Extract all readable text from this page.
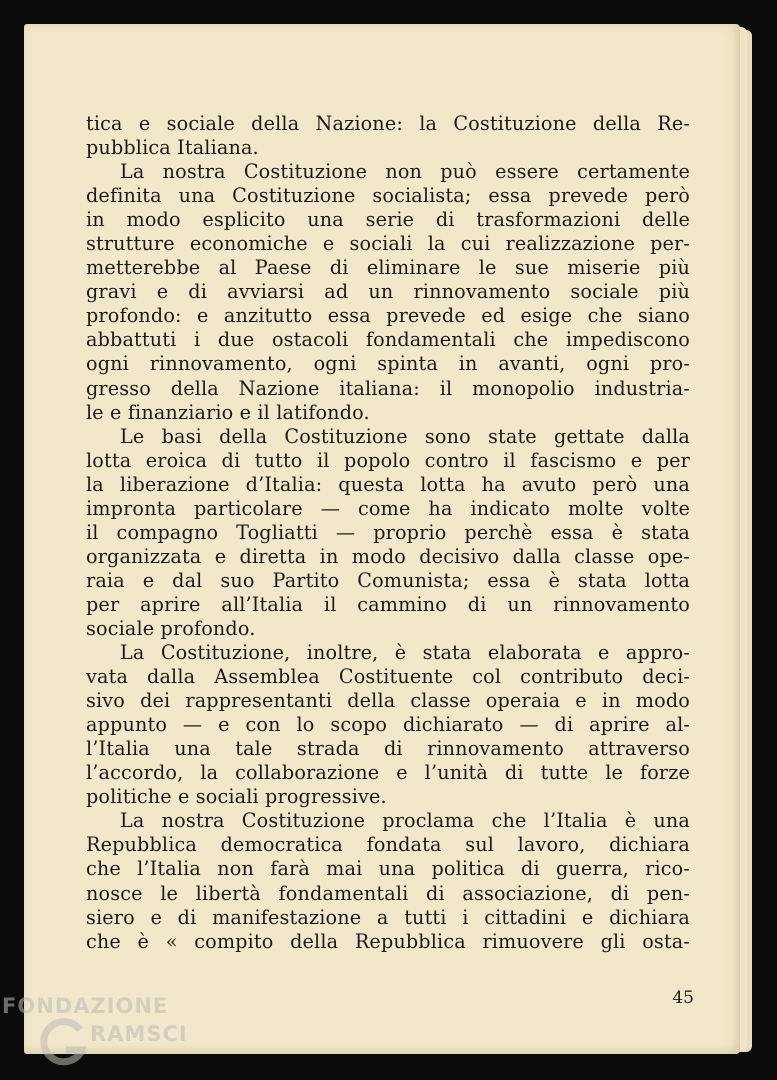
tica e sociale della Nazione: la Costituzione della Re-
pubblica Italiana.
La nostra Costituzione non può essere certamente
definita una Costituzione socialista; essa prevede però
in modo esplicito una serie di trasformazioni delle
strutture economiche e sociali la cui realizzazione per-
metterebbe al Paese di eliminare le sue miserie più
gravi e di avviarsi ad un rinnovamento sociale più
profondo: e anzitutto essa prevede ed esige che siano
abbattuti i due ostacoli fondamentali che impediscono
ogni rinnovamento, ogni spinta in avanti, ogni pro-
gresso della Nazione italiana: il monopolio industria-
le e finanziario e il latifondo.
Le basi della Costituzione sono state gettate dalla
lotta eroica di tutto il popolo contro il fascismo e per
la liberazione d’Italia: questa lotta ha avuto però una
impronta particolare — come ha indicato molte volte
il compagno Togliatti — proprio perchè essa è stata
organizzata e diretta in modo decisivo dalla classe ope-
raia e dal suo Partito Comunista; essa è stata lotta
per aprire all’Italia il cammino di un rinnovamento
sociale profondo.
La Costituzione, inoltre, è stata elaborata e appro-
vata dalla Assemblea Costituente col contributo deci-
sivo dei rappresentanti della classe operaia e in modo
appunto — e con lo scopo dichiarato — di aprire al-
l’Italia una tale strada di rinnovamento attraverso
l’accordo, la collaborazione e l’unità di tutte le forze
politiche e sociali progressive.
La nostra Costituzione proclama che l’Italia è una
Repubblica democratica fondata sul lavoro, dichiara
che l’Italia non farà mai una politica di guerra, rico-
nosce le libertà fondamentali di associazione, di pen-
siero e di manifestazione a tutti i cittadini e dichiara
che è « compito della Repubblica rimuovere gli osta-
45
FONDAZIONE
RAMSCI
